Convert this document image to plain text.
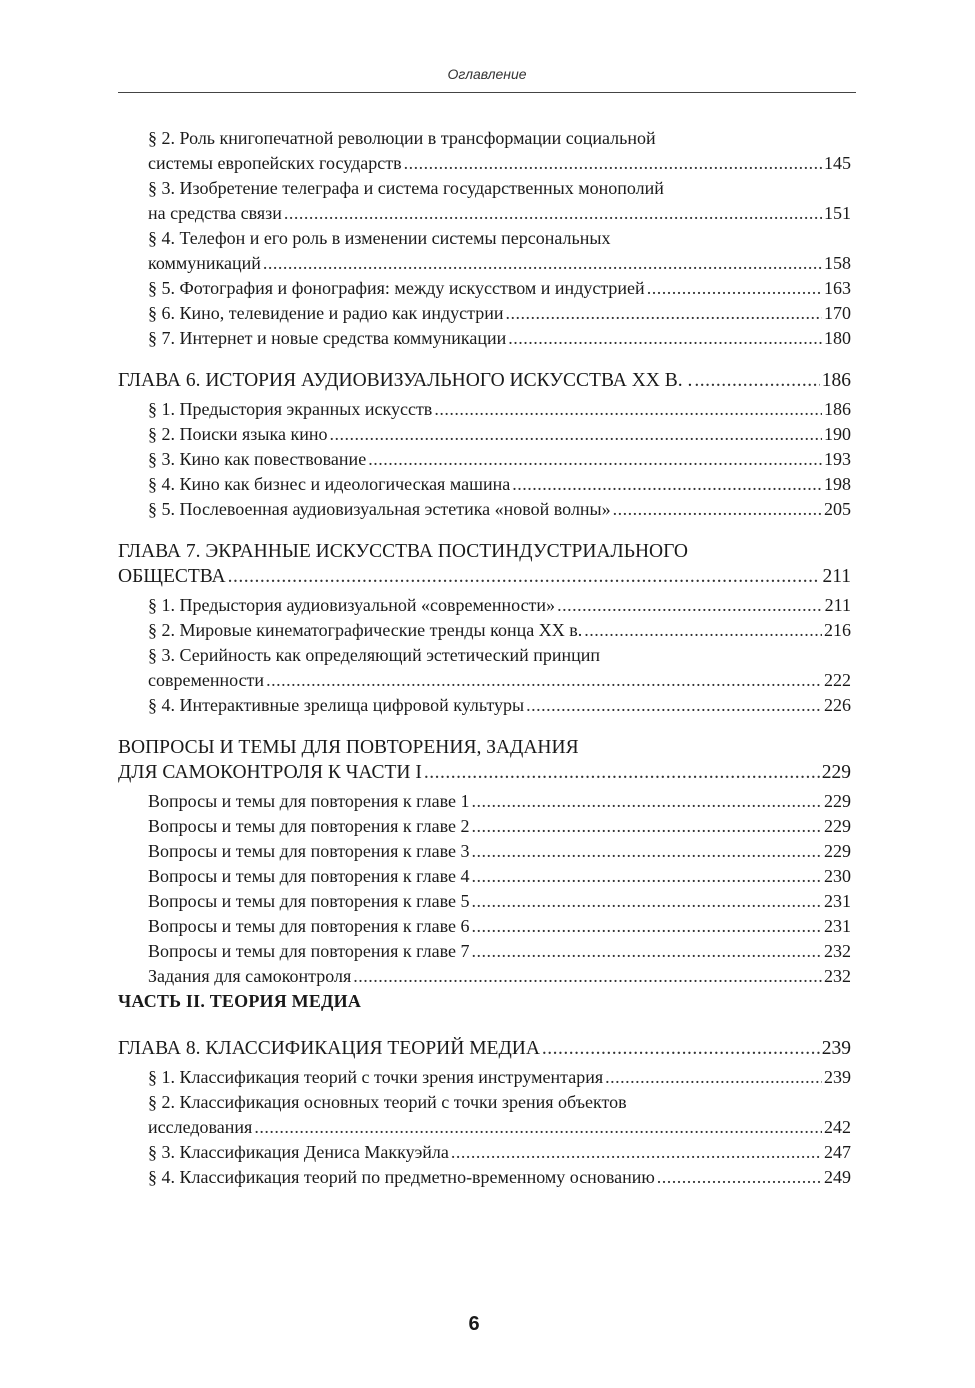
Оглавление
§ 2. Роль книгопечатной революции в трансформации социальной
системы европейских государств .....	145
§ 3. Изобретение телеграфа и система государственных монополий
на средства связи .....	151
§ 4. Телефон и его роль в изменении системы персональных
коммуникаций .....	158
§ 5. Фотография и фонография: между искусством и индустрией .....	163
§ 6. Кино, телевидение и радио как индустрии .....	170
§ 7. Интернет и новые средства коммуникации .....	180
ГЛАВА 6. ИСТОРИЯ АУДИОВИЗУАЛЬНОГО ИСКУССТВА XX В. . .....	186
§ 1. Предыстория экранных искусств .....	186
§ 2. Поиски языка кино .....	190
§ 3. Кино как повествование .....	193
§ 4. Кино как бизнес и идеологическая машина .....	198
§ 5. Послевоенная аудиовизуальная эстетика «новой волны» .....	205
ГЛАВА 7. ЭКРАННЫЕ ИСКУССТВА ПОСТИНДУСТРИАЛЬНОГО
ОБЩЕСТВА .....	211
§ 1. Предыстория аудиовизуальной «современности» .....	211
§ 2. Мировые кинематографические тренды конца XX в. .....	216
§ 3. Серийность как определяющий эстетический принцип
современности .....	222
§ 4. Интерактивные зрелища цифровой культуры .....	226
ВОПРОСЫ И ТЕМЫ ДЛЯ ПОВТОРЕНИЯ, ЗАДАНИЯ
ДЛЯ САМОКОНТРОЛЯ К ЧАСТИ I .....	229
Вопросы и темы для повторения к главе 1 .....	229
Вопросы и темы для повторения к главе 2 .....	229
Вопросы и темы для повторения к главе 3 .....	229
Вопросы и темы для повторения к главе 4 .....	230
Вопросы и темы для повторения к главе 5 .....	231
Вопросы и темы для повторения к главе 6 .....	231
Вопросы и темы для повторения к главе 7 .....	232
Задания для самоконтроля .....	232
ЧАСТЬ II. ТЕОРИЯ МЕДИА
ГЛАВА 8. КЛАССИФИКАЦИЯ ТЕОРИЙ МЕДИА .....	239
§ 1. Классификация теорий с точки зрения инструментария .....	239
§ 2. Классификация основных теорий с точки зрения объектов
исследования .....	242
§ 3. Классификация Дениса Маккуэйла .....	247
§ 4. Классификация теорий по предметно-временному основанию .....	249
6
